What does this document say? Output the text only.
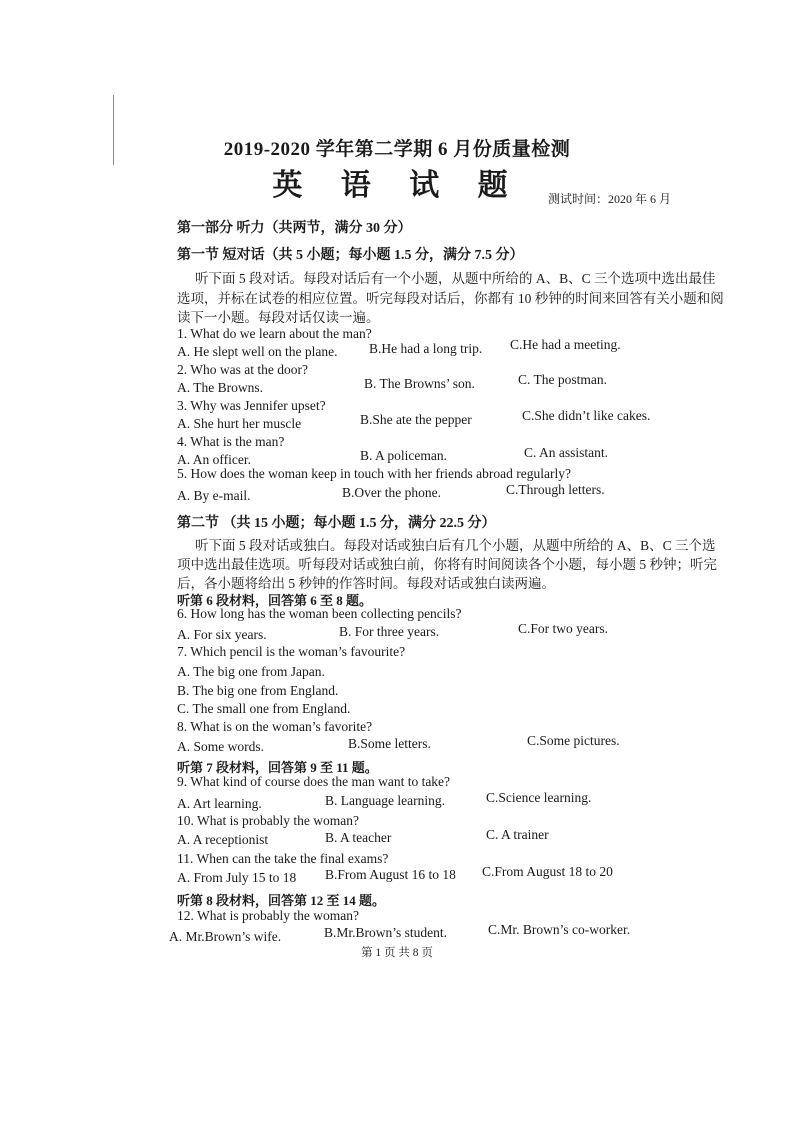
2019-2020 学年第二学期 6 月份质量检测
英 语 试 题	测试时间：2020 年 6 月
第一部分 听力（共两节，满分 30 分）
第一节 短对话（共 5 小题；每小题 1.5 分，满分 7.5 分）
听下面 5 段对话。每段对话后有一个小题，从题中所给的 A、B、C 三个选项中选出最佳
选项，并标在试卷的相应位置。听完每段对话后，你都有 10 秒钟的时间来回答有关小题和阅
读下一小题。每段对话仅读一遍。
1. What do we learn about the man?
A. He slept well on the plane. B.He had a long trip. C.He had a meeting.
2. Who was at the door?
A. The Browns.	B. The Browns’ son.	C. The postman.
3. Why was Jennifer upset?
A. She hurt her muscle	B.She ate the pepper	C.She didn’t like cakes.
4. What is the man?
A. An officer.	B. A policeman.	C. An assistant.
5. How does the woman keep in touch with her friends abroad regularly?
A. By e-mail.	B.Over the phone.	C.Through letters.
第二节 （共 15 小题；每小题 1.5 分，满分 22.5 分）
听下面 5 段对话或独白。每段对话或独白后有几个小题，从题中所给的 A、B、C 三个选
项中选出最佳选项。听每段对话或独白前，你将有时间阅读各个小题，每小题 5 秒钟；听完
后，各小题将给出 5 秒钟的作答时间。每段对话或独白读两遍。
听第 6 段材料，回答第 6 至 8 题。
6. How long has the woman been collecting pencils?
A. For six years.	B. For three years.	C.For two years.
7. Which pencil is the woman’s favourite?
A. The big one from Japan.
B. The big one from England.
C. The small one from England.
8. What is on the woman’s favorite?
A. Some words.	B.Some letters.	C.Some pictures.
听第 7 段材料，回答第 9 至 11 题。
9. What kind of course does the man want to take?
A. Art learning.	B. Language learning.	C.Science learning.
10. What is probably the woman?
A. A receptionist	B. A teacher	C. A trainer
11. When can the take the final exams?
A. From July 15 to 18 B.From August 16 to 18 C.From August 18 to 20
听第 8 段材料，回答第 12 至 14 题。
12. What is probably the woman?
A. Mr.Brown’s wife.	B.Mr.Brown’s student.	C.Mr. Brown’s co-worker.
第 1 页 共 8 页
